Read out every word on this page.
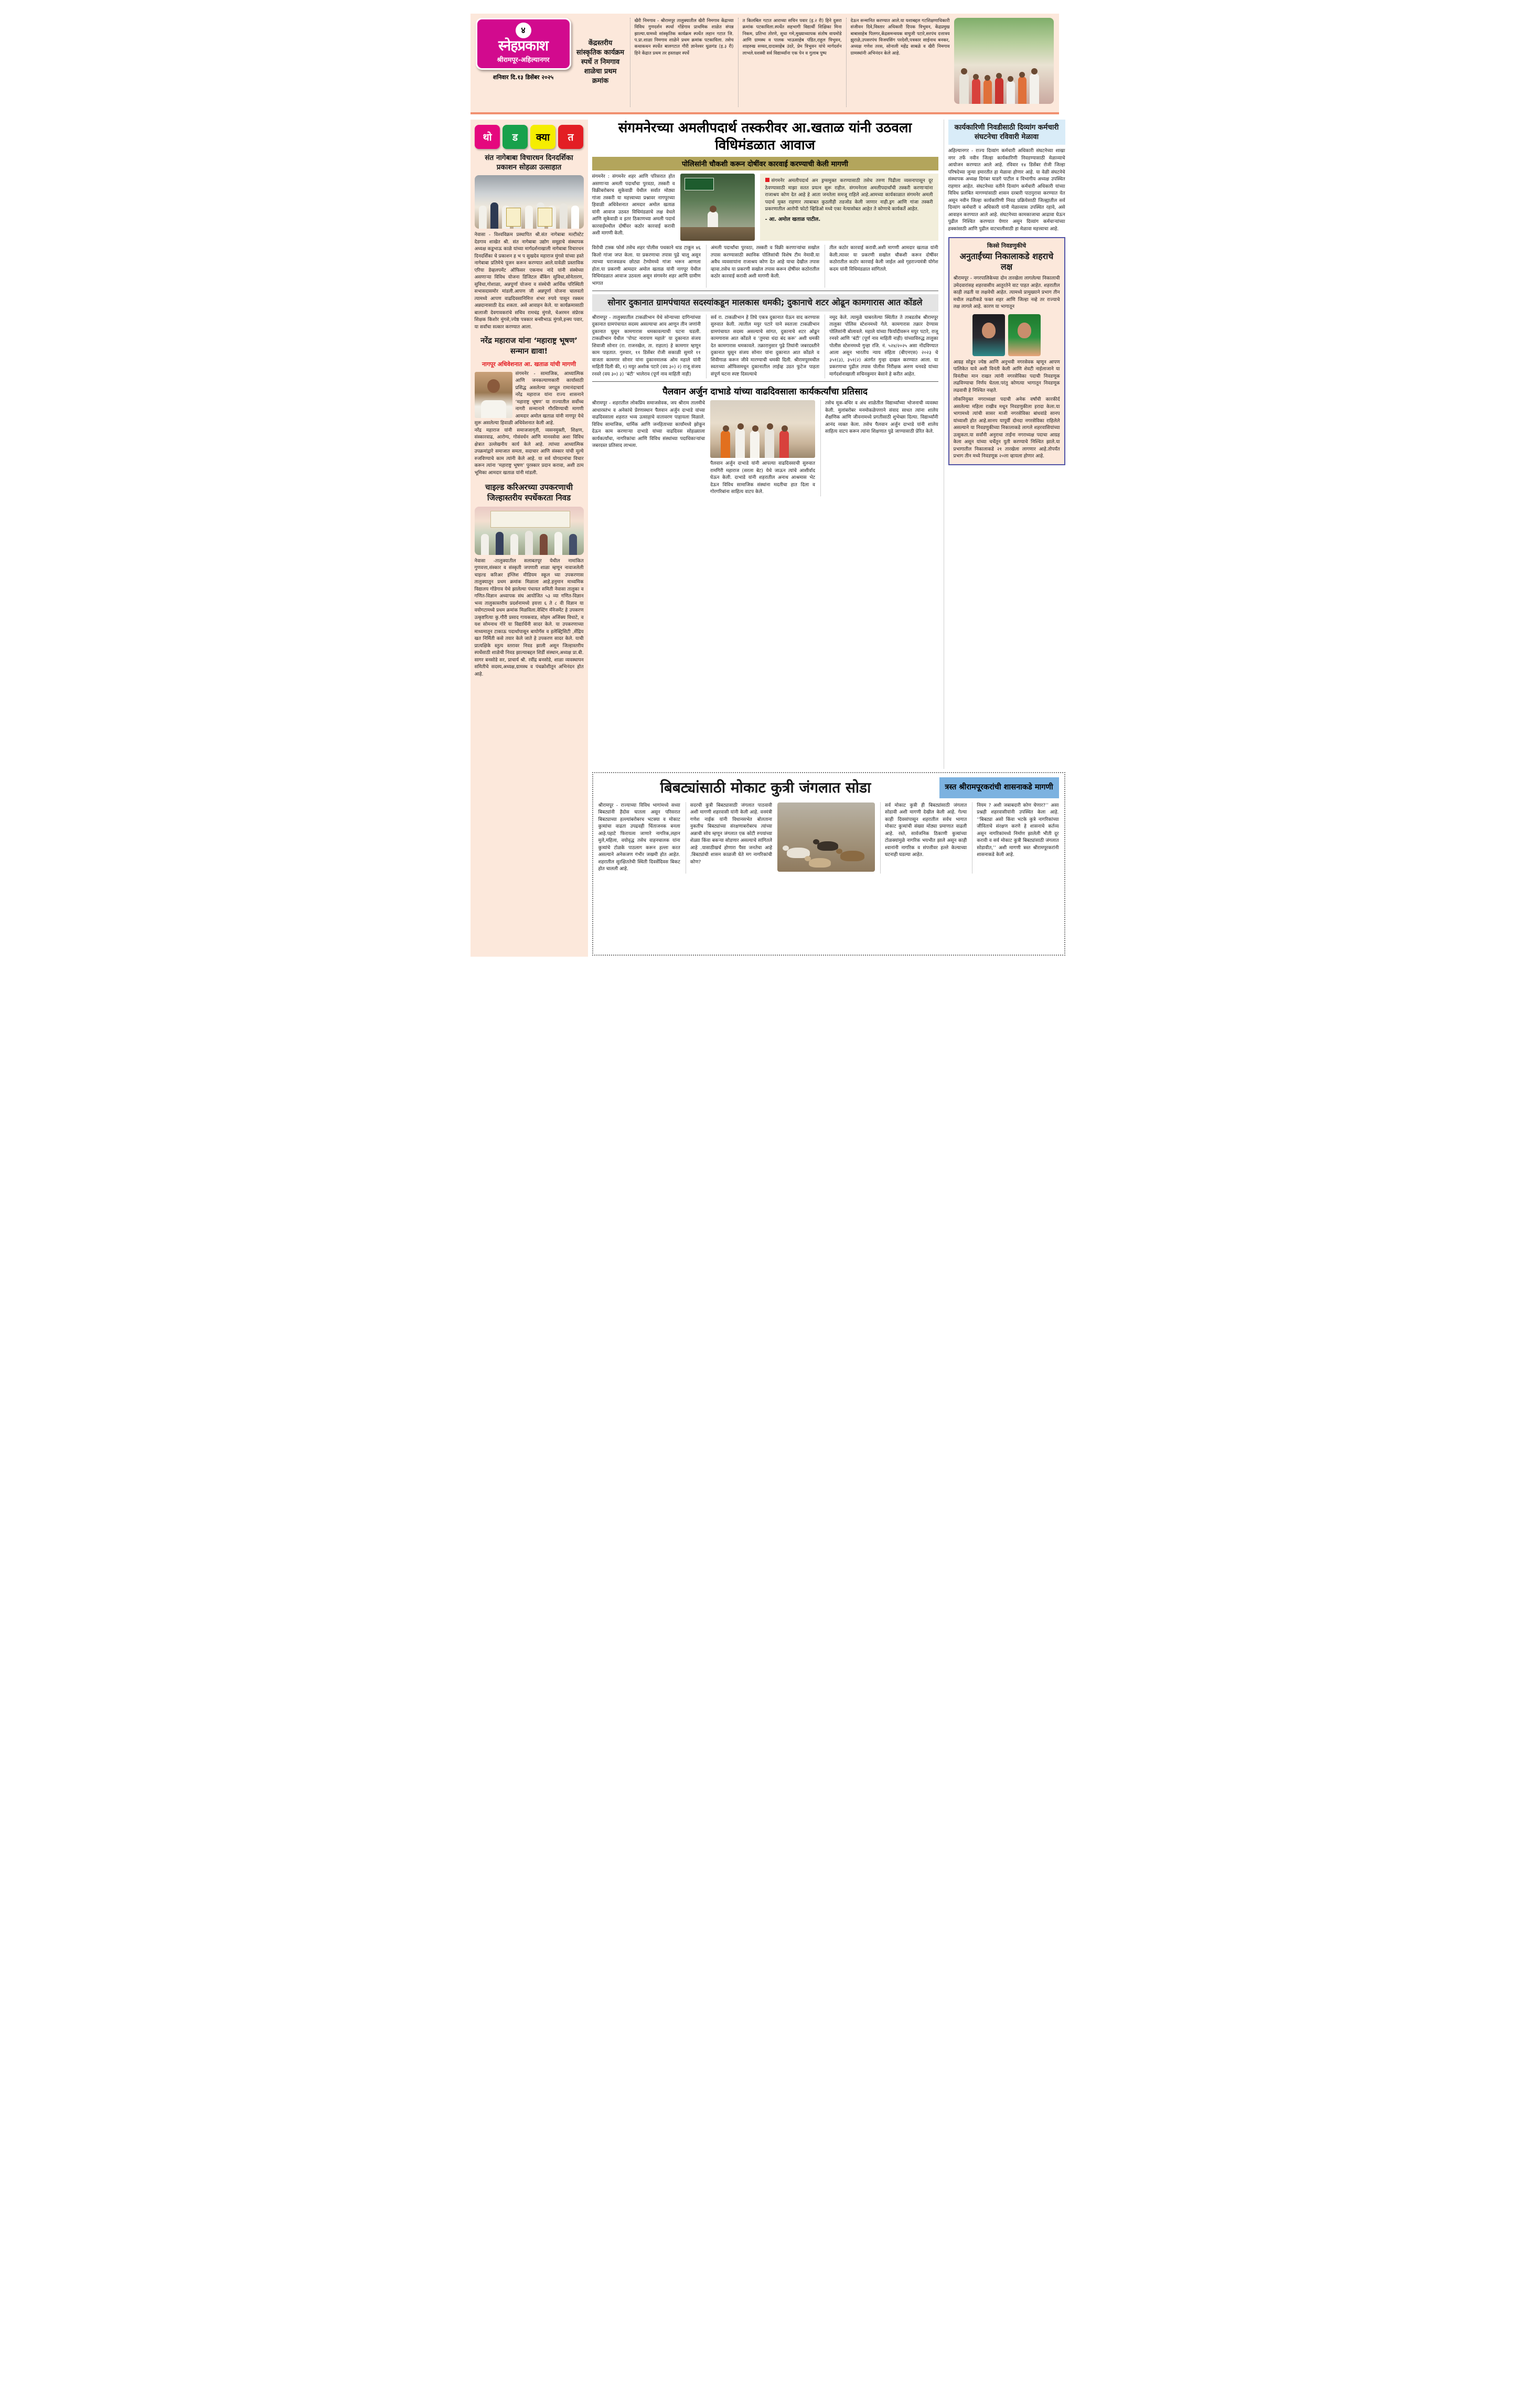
४
स्नेहप्रकाश
श्रीरामपूर-अहिल्यानगर
शनिवार दि.१३ डिसेंबर २०२५
केंद्रस्तरीय सांस्कृतिक कार्यक्रम स्पर्धे त निमगाव शाळेचा प्रथम क्रमांक
खैरी निमगाव - श्रीरामपूर तालुक्यातील खैरी निमगाव केंद्राच्या विविध गुणदर्शन स्पर्धा गोंडेगाव प्राथमिक शाळेत संपन्न झाल्या.यामध्ये सांस्कृतिक कार्यक्रम स्पर्धेत लहान गटात जि. प.प्रा.शाळा निमगाव शाळेने प्रथम क्रमांक पटकाविला. तसेच कथाकथन स्पर्धेत बालगटात गौरी ज्ञानेश्वर धुळगंड (इ.३ री) हिने केंद्रात प्रथम तर हस्ताक्षर स्पर्धे
त किलबिल गटात आराध्या सचिन पवार (इ.२ री) हिने दुसरा क्रमांक पटकाविला.स्पर्धेत सहभागी विद्यार्थी शिक्षिका मिना निकम, प्रतिभा तोरणे, सुधा गमे,मुख्याध्यापक संतोष वायमोडे आणि ग्रामस्थ व पालक भाऊसाहेब पंडित,राहुल त्रिभुवन, शाहरुख सय्यद,दादासाहेब उंदरे, प्रेम त्रिभुवन यांचे मार्गदर्शन लाभले.यशस्वी सर्व विद्यार्थ्यांना एक पेन व गुलाब पुष्प
देऊन सन्मानित करण्यात आले.या यशाबद्दल गटशिक्षणाधिकारी संजीवन दिवे,विस्तार अधिकारी दिपक त्रिभुवन, केंद्रप्रमुख बाबासाहेब पिलगर,केंद्रसमन्वयक वाघुजी पटारे,सरपंच दत्तात्रय झुराळे,उपसरपंच विजयसिंग परदेशी,पत्रकार साईनाथ बनकर, अध्यक्ष गणेश तरस, सोनाली महेंद्र साबळे व खैरी निमगाव ग्रामस्थांनी अभिनंदन केले आहे.
थो	ड	क्या	त
संत नागेबाबा विचारधन दिनदर्शिका प्रकाशन सोहळा उत्साहात
नेवासा - विश्वविक्रम प्रस्थापित श्री.संत नागेबाबा मल्टीस्टेट देडगाव शाखेत श्री. संत नागेबाबा उद्योग समूहाचे संस्थापक अध्यक्ष कडूभाऊ काळे यांच्या मार्गदर्शनाखाली नागेबाबा विचारधन दिनदर्शिका चे प्रकाशन ह भ प सुखदेव महाराज मुंगसे यांच्या हस्ते नागेबाबा प्रतिमेचे पूजन करून करण्यात आले.यावेळी प्रस्ताविक एरिया डेव्हलपमेंट ऑफिसर एकनाथ नांदे यांनी संस्थेच्या असणाऱ्या विविध योजना डिजिटल बँकिंग सुविधा,सोनेतारण, सुविधा,गोशाळा, अन्नपूर्णा योजना व संस्थेची आर्थिक परिस्थिती सभासदासमोर मांडली.आपण जी अन्नपूर्णा योजना चालवतो त्यामध्ये आपण वाढदिवसानिमित्त शंभर रुपये पासून रक्कम अन्नदानासाठी देऊ शकता. असे आवाहन केले. या कार्यक्रमासाठी बालाजी देवगावकरांचे सचिव रामचंद्र मुंगसे, चेअरमन संप्रेरक शिक्षक किशोर मुंगसे,ज्येष्ठ पत्रकार बन्सीभाऊ मुंगसे,इन्स्प पवार, या सर्वांचा सत्कार करण्यात आला.
नरेंद्र महाराज यांना ‘महाराष्ट्र भूषण’ सन्मान द्यावा!
नागपूर अधिवेशनात आ. खताळ यांची मागणी
संगमनेर - सामाजिक, आध्यात्मिक आणि जनकल्याणकारी कार्यासाठी प्रसिद्ध असलेल्या जगद्गुरु रामानंदाचार्य नरेंद्र महाराज यांना राज्य शासनाने ‘महाराष्ट्र भूषण’ या राज्यातील सर्वोच्च नागरी सन्मानाने गौरविण्याची मागणी आमदार अमोल खताळ यांनी नागपूर येथे सुरू असलेल्या हिवाळी अधिवेशनात केली आहे.
नरेंद्र महाराज यांनी समाजजागृती, व्यसनमुक्ती, शिक्षण, संस्कारवाढ, आरोग्य, गोसंवर्धन आणि मानवसेवा अशा विविध क्षेत्रात उल्लेखनीय कार्य केले आहे. त्यांच्या आध्यात्मिक उपक्रमांद्वारे समाजात समता, सदाचार आणि संस्कार यांची मूल्ये रुजविण्याचे काम त्यांनी केले आहे. या सर्व योगदानांचा विचार करून त्यांना ‘महाराष्ट्र भूषण’ पुरस्कार प्रदान करावा, अशी ठाम भूमिका आमदार खताळ यांनी मांडली.
चाइल्ड करिअरच्या उपकरणाची जिल्हास्तरीय स्पर्धेकरता निवड
नेवासा -तालुक्यातील सलाबतपूर येथील नामांकित गुणवत्ता,संस्कार व संस्कृती जपणारी शाळा म्हणून नावाजलेली चाइल्ड करिअर इंग्लिश मीडियम स्कूल च्या उपकरणास तालुक्यातून प्रथम क्रमांक मिळाला आहे.हनुमान माध्यमिक विद्यालय गोंडेगाव येथे झालेल्या पंचायत समिती नेवासा तालुका व गणित-विज्ञान अध्यापक संघ आयोजित ५३ व्या गणित-विज्ञान भव्य तालुकास्तरीय प्रदर्शनामध्ये इयत्ता ६ ते ८ वी विज्ञान या वयोगटामध्ये प्रथम क्रमांक मिळविला.वेस्टिंग मॅनेजमेंट हे उपकरण उत्कृष्टरित्या कु.गौरी प्रसाद गायकवाड, सोहम अजिंक्य विधाटे, व यश सोमनाथ गोरे या विद्यार्थिनी सादर केले. या उपकरणाच्या माध्यमातून टाकाऊ पदार्थापासून बायोगॅस व इलेक्ट्रिसिटी ,सेंद्रिय खत निर्मिती कसे तयार केले जाते हे उपकरण सादर केले. याची प्रात्यक्षिके स्तुत्य स्तरावर निवड झाली असून जिल्हास्तरीय स्पर्धेसाठी शाळेची निवड झाल्याबद्दल शिर्डी संस्थान,अध्यक्ष प्रा.बी. सागर बनसोडे सर, प्राचार्य श्री. रवींद्र बनसोडे, शाळा व्यवस्थापन समितीचे सदस्य,अध्यक्ष,ग्रामस्थ व पंचक्रोशीतून अभिनंदन होत आहे.
संगमनेरच्या अमलीपदार्थ तस्करीवर आ.खताळ यांनी उठवला विधिमंडळात आवाज
पोलिसांनी चौकशी करून दोषींवर कारवाई करण्याची केली मागणी
संगमनेर : संगमनेर शहर आणि परिसरात होत असणाऱ्या अमली पदार्थांचा पुरवठा, तस्करी व विक्रीबरोबरच सुकेवाडी येथील सर्वात मोठ्या गांजा तस्करी या महत्त्वाच्या प्रश्नावर नागपूरच्या हिवाळी अधिवेशनात आमदार अमोल खताळ यांनी आवाज उठवत विधिमंडळाचे लक्ष वेधले आणि सुकेवाडी व इतर ठिकाणच्या अमली पदार्थ कारवाईमधील दोषींवर कठोर कारवाई करावी अशी मागणी केली.
संगमनेर अमलीपदार्थ अन ड्रग्समुक्त करण्यासाठी तसेच तरुण पिढीला व्यसनापासून दूर ठेवण्यासाठी माझा सतत प्रयत्न सुरू राहील. संगमनेरला अमलीपदार्थांची तस्करी करणाऱ्यांना राजाश्रय कोण देत आहे हे आता जनतेला समजू राहिले आहे.आमच्या कार्यकाळात संगमनेर अमली पदार्थ मुक्त राहणार त्याबाबत कुठलीही तडजोड केली जाणार नाही.ड्रग आणि गांजा तस्करी प्रकरणातील आरोपी फोटो व्हिडिओ मध्ये एका नेत्यासोबत आहेत ते कोणाचे कार्यकर्ते आहेत.
- आ. अमोल खताळ पाटील.
विरोधी टास्क फोर्स तसेच शहर पोलीस पथकाने धाड टाकून ४६ किलो गांजा जप्त केला. या प्रकरणाचा तपास पुढे चालू असून त्याच्या घराजवळच छोट्या टेम्पोमध्ये गांजा भरून आणला होता.या प्रकरणी आमदार अमोल खताळ यांनी नागपूर येथील विधिमंडळात आवाज उठवला असून संगमनेर शहर आणि ग्रामीण भागात
अंमली पदार्थांचा पुरवठा, तस्करी व विक्री करणाऱ्यांचा सखोल तपास करण्यासाठी स्थानिक पोलिसांची विशेष टीम नेमावी.या अवैध व्यवसायांना राजाश्रय कोण देत आहे याचा देखील तपास व्हावा.तसेच या प्रकरणी सखोल तपास करून दोषींवर कठोरातील कठोर कारवाई करावी अशी मागणी केली.
तील कठोर कारवाई करावी.अशी मागणी आमदार खताळ यांनी केली.त्यावर या प्रकरणी सखोल चौकशी करून दोषींवर कठोरातील कठोर कारवाई केली जाईल असे गृहराज्यमंत्री योगेश कदम यांनी विधिमंडळात सांगितले.
सोनार दुकानात ग्रामपंचायत सदस्यांकडून मालकास धमकी; दुकानाचे शटर ओढून कामगारास आत कोंडले
श्रीरामपूर - तालुक्यातील टाकळीभान येथे सोन्याच्या दागिन्यांच्या दुकानात ग्रामपंचायत सदस्य असल्याचा आव आणून तीन जणांनी दुकानात घुसून कामगारास धमकावल्याची घटना घडली. टाकळीभान येथील ‘पोपट नारायण महाले’ या दुकानात संजय शिवाजी सोनार (रा. राजनखेल, ता. राहाता) हे कामगार म्हणून काम पाहतात. गुरुवार, ११ डिसेंबर रोजी सकाळी सुमारे ११ वाजता कामगार सोनार यांना दुकानमालक ओम महाले यांनी माहिती दिली की, १) मयुर अशोक पटारे (वय ३०) २) राजू संजय रनवरे (वय ३०) ३) ‘बंटी’ भालेराव (पूर्ण नाव माहिती नाही)
सर्व रा. टाकळीभान हे तिघे एकत्र दुकानात येऊन वाद करण्यास सुरुवात केली. त्यातील मयुर पटारे याने स्वतःला टाकळीभान ग्रामपंचायत सदस्य असल्याचे सांगत, दुकानाचे शटर ओढून कामगारास आत कोंडले व ‘तुमचा धंदा बंद करू’ अशी धमकी देत कामगारास धमकावले. तक्रारानुसार पुढे तिघांनी जबरदस्तीने दुकानात घुसून संजय सोनार यांना दुकानात आत कोंडले व शिवीगाळ करून जीवे मारण्याची धमकी दिली. श्रीरामपूरमधील स्वतःच्या ऑफिसमधून दुकानातील लाईव्ह उडत फुटेज पाहता संपूर्ण घटना स्पष्ट दिसल्याचे
नमूद केले. त्यामुळे घाबरलेल्या स्थितीत ते ताबडतोब श्रीरामपूर तालुका पोलिस स्टेशनमध्ये गेले. कामगारास तक्रार देण्यास पोलिसांनी बोलावले. महाले यांच्या फिर्यादीवरून मयुर पटारे, राजू रनवरे आणि ‘बंटी’ (पूर्ण नाव माहिती नाही) यांच्याविरुद्ध तालुका पोलीस स्टेशनमध्ये गुन्हा रजि. नं. ५२४/२०२५ असा नोंदविण्यात आला असून भारतीय न्याय संहिता (बीएनएस) २०२३ चे ३५१(३), ३५१(२) अंतर्गत गुन्हा दाखल करण्यात आला. या प्रकरणाचा पुढील तपास पोलीस निरीक्षक अरुण धनवडे यांच्या मार्गदर्शनाखाली सचिनकुमार बेसाने हे करीत आहेत.
पैलवान अर्जुन दाभाडे यांच्या वाढदिवसाला कार्यकर्त्यांचा प्रतिसाद
श्रीरामपूर - शहरातील लोकप्रिय समाजसेवक, जय श्रीराम तालमीचे आधारस्तंभ व अनेकांचे प्रेरणास्थान पैलवान अर्जुन दाभाडे यांच्या वाढदिवसाला शहरात भव्य उत्साहाचे वातावरण पाहायला मिळाले. विविध सामाजिक, धार्मिक आणि जनहिताच्या कार्यांमध्ये झोकून देऊन काम करणाऱ्या दाभाडे यांच्या वाढदिवस सोहळ्याला कार्यकर्त्यांचा, नागरिकांचा आणि विविध संस्थांच्या पदाधिकाऱ्यांचा जबरदस्त प्रतिसाद लाभला.
पैलवान अर्जुन दाभाडे यांनी आपल्या वाढदिवसाची सुरुवात रामगिरी महाराज (सरला बेट) येथे जाऊन त्यांचे आशीर्वाद घेऊन केली. दाभाडे यांनी शहरातील अनाथ आश्रमास भेट देऊन विविध सामाजिक संस्थांना मदतीचा हात दिला व गोरगरिबांना साहित्य वाटप केले.
तसेच मूक-बधिर व अंध शाळेतील विद्यार्थ्यांच्या भोजनाची व्यवस्था केली. मुलांबरोबर मनमोकळेपणाने संवाद साधत त्यांना शालेय शैक्षणिक आणि जीवनामध्ये प्रगतीसाठी शुभेच्छा दिल्या. विद्यार्थ्यांनी आनंद व्यक्त केला. तसेच पैलवान अर्जुन दाभाडे यांनी शालेय साहित्य वाटप करून त्यांना शिक्षणात पुढे जाण्यासाठी प्रेरित केले.
कार्यकारिणी निवडीसाठी दिव्यांग कर्मचारी संघटनेचा रविवारी मेळावा
अहिल्यानगर - राज्य दिव्यांग कर्मचारी अधिकारी संघटनेच्या शाखा नगर तर्फे नवीन जिल्हा कार्यकारिणी निवडण्यासाठी मेळाव्याचे आयोजन करण्यात आले आहे. रविवार १४ डिसेंबर रोजी जिल्हा परिषदेच्या जुन्या इमारतीत हा मेळावा होणार आहे. या वेळी संघटनेचे संस्थापक अध्यक्ष दिगंबर घाडगे पाटील व विभागीय अध्यक्ष उपस्थित राहणार आहेत. संघटनेच्या वतीने दिव्यांग कर्मचारी अधिकारी यांच्या विविध प्रलंबित मागण्यांसाठी शासन दरबारी पाठपुरावा करण्यात येत असून नवीन जिल्हा कार्यकारिणी निवड प्रक्रियेसाठी जिल्ह्यातील सर्व दिव्यांग कर्मचारी व अधिकारी यांनी मेळाव्यास उपस्थित रहावे, असे आवाहन करण्यात आले आहे. संघटनेच्या कामकाजाचा आढावा घेऊन पुढील निश्चित करण्यात येणार असून दिव्यांग कर्मचाऱ्यांच्या हक्कांसाठी आणि पुढील वाटचालीसाठी हा मेळावा महत्त्वाचा आहे.
किस्से निवडणुकीचे
अनुताईंच्या निकालाकडे शहराचे लक्ष
श्रीरामपूर - नगरपालिकेच्या दोन तारखेला लागलेल्या निकालाची उमेदवारांसह शहरवासीय आतुरतेने वाट पाहत आहेत. शहरातील काही लढती या लक्षवेधी आहेत. त्यामध्ये प्रामुख्याने प्रभाग तीन मधील लढतीकडे फक्त शहर आणि जिल्हा नव्हे तर राज्याचे लक्ष लागले आहे. कारण या भागातून
आग्रह सोडून ज्येष्ठ आणि अनुभवी नगरसेवक म्हणून आपण पालिकेत यावे अशी विनंती केली आणि शेवटी नाईलाजाने या विनंतीचा मान राखत त्यांनी नगरसेविका पदाची निवडणूक लढविण्याचा निर्णय घेतला.परंतु कोणत्या भागातून निवडणूक लढवावी हे निश्चित नव्हते.
लोकनियुक्त नगराध्यक्षा पदाची अनेक वर्षांची कारकीर्द असलेल्या महिला राखीव मधून निवडणुकीला इरादा केला.या भागामध्ये त्यांची सासर माजी नगरसेविका बांधवांडे सानप यांच्याशी होत आहे.सानप यापूर्वी दोनदा नगरसेविका राहिलेले असल्याने या निवडणुकीच्या निकालाकडे लागले शहरवासियांच्या उत्सुकता.या सर्वांनी अनुराधा ताईंना नगराध्यक्ष पदाचा आग्रह केला असून यांच्या चर्चेतून युती करण्याचे निश्चित झाले.या प्रभागातील निकालाकडे २१ तारखेला लागणार आहे.तोपर्यंत प्रभाग तीन मध्ये निवडणूक २०ला व्हायला होणार आहे.
बिबट्यांसाठी मोकाट कुत्री जंगलात सोडा	त्रस्त श्रीरामपूरकरांची शासनाकडे मागणी
श्रीरामपूर - राज्याच्या विविध भागांमध्ये सध्या बिबट्यांनी हैदोस घातला असून परिसरात बिबट्याच्या हल्ल्यांबरोबरच भटक्या व मोकाट कुत्र्यांचा वाढता उपद्रवही चिंताजनक बनला आहे.पहाटे फिरायला जाणारे नागरिक,लहान मुले,महिला, वयोवृद्ध तसेच वाहनचालक यांना कुत्र्यांचे टोळके पाठलाग करून हल्ला करत असल्याने अनेकजण गंभीर जखमी होत आहेत. शहरातील सुरक्षिततेची स्थिती दिवसेंदिवस बिकट होत चालली आहे.
सदरची कुत्री बिबट्यासाठी जंगलात पाठवावी अशी मागणी शहरवासी यांनी केली आहे. वनमंत्री गणेश नाईक यांनी विधानसभेत बोलताना नुकतीच बिबट्यांच्या संरक्षणाबरोबरच त्यांच्या अन्नाची सोय म्हणून जंगलात एक कोटी रुपयांच्या शेळ्या किंवा बकऱ्या सोडणार असल्याचे सांगितले आहे .यासाठीखर्च होणारा पैसा जनतेचा आहे .बिबट्यांची शासन काळजी घेते मग नागरिकांची कोण?
सर्व मोकाट कुत्री ही बिबट्यांसाठी जंगलात सोडावी अशी मागणी देखील केली आहे. गेल्या काही दिवसांपासून शहरातील सर्वच भागात मोकाट कुत्र्यांची संख्या मोठ्या प्रमाणात वाढली आहे. रस्ते, सार्वजनिक ठिकाणी कुत्र्यांच्या टोळक्यांमुळे नागरिक भयभीत झाले असून काही श्वानांनी नागरिक व संपत्तीवर हल्ले केल्याच्या घटनाही घडल्या आहेत.
नियम ? अशी जबाबदारी कोण घेणार?’’ असा प्रश्नही शहरवासीयांनी उपस्थित केला आहे. ‘‘बिबट्या असो किंवा भटके कुत्रे नागरिकांच्या जीविताचे संरक्षण करणे हे शासनाचे कर्तव्य असून नागरिकांमध्ये निर्माण झालेली भीती दूर करावी व सर्व मोकाट कुत्री बिबट्यांसाठी जंगलात सोडावीत,’’ अशी मागणी त्रस्त श्रीरामपूरकरांनी शासनाकडे केली आहे.
